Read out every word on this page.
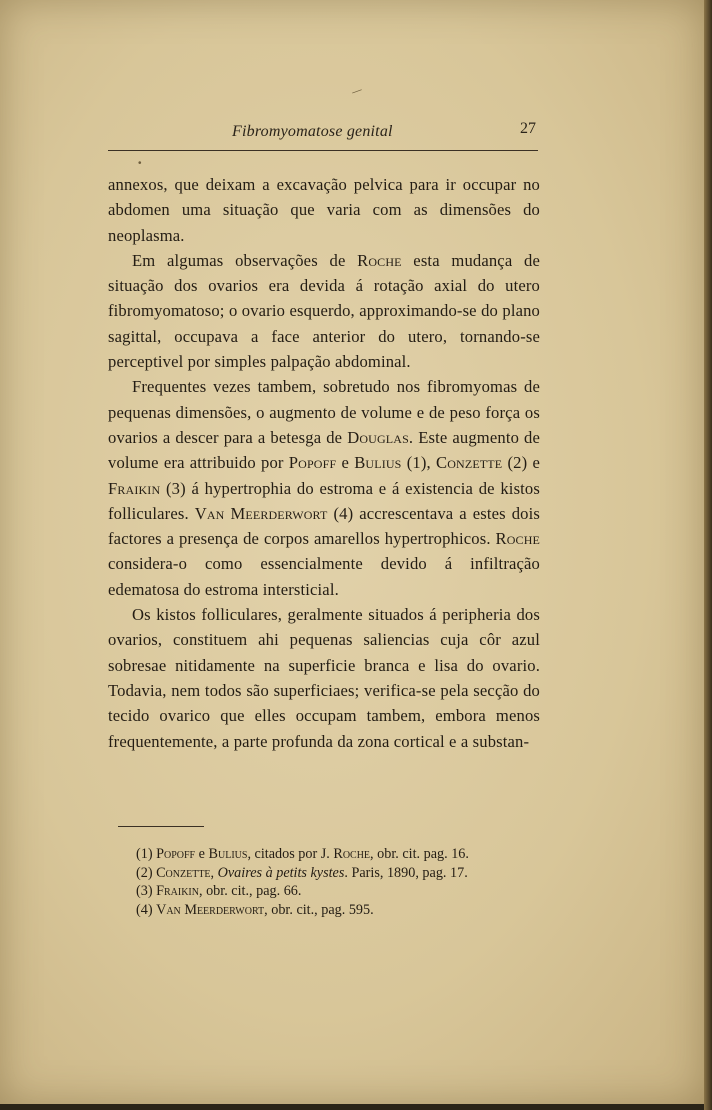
Fibromyomatose genital	27

annexos, que deixam a excavação pelvica para ir occupar no abdomen uma situação que varia com as dimensões do neoplasma.

Em algumas observações de Roche esta mudança de situação dos ovarios era devida á rotação axial do utero fibromyomatoso; o ovario esquerdo, approximando-se do plano sagittal, occupava a face anterior do utero, tornando-se perceptivel por simples palpação abdominal.

Frequentes vezes tambem, sobretudo nos fibromyomas de pequenas dimensões, o augmento de volume e de peso força os ovarios a descer para a betesga de Douglas. Este augmento de volume era attribuido por Popoff e Bulius (1), Conzette (2) e Fraikin (3) á hypertrophia do estroma e á existencia de kistos folliculares. Van Meerderwort (4) accrescentava a estes dois factores a presença de corpos amarellos hypertrophicos. Roche considera-o como essencialmente devido á infiltração edematosa do estroma intersticial.

Os kistos folliculares, geralmente situados á peripheria dos ovarios, constituem ahi pequenas saliencias cuja côr azul sobresae nitidamente na superficie branca e lisa do ovario. Todavia, nem todos são superficiaes; verifica-se pela secção do tecido ovarico que elles occupam tambem, embora menos frequentemente, a parte profunda da zona cortical e a substan-

(1) Popoff e Bulius, citados por J. Roche, obr. cit. pag. 16.

(2) Conzette, Ovaires à petits kystes. Paris, 1890, pag. 17.

(3) Fraikin, obr. cit., pag. 66.

(4) Van Meerderwort, obr. cit., pag. 595.

•
—
